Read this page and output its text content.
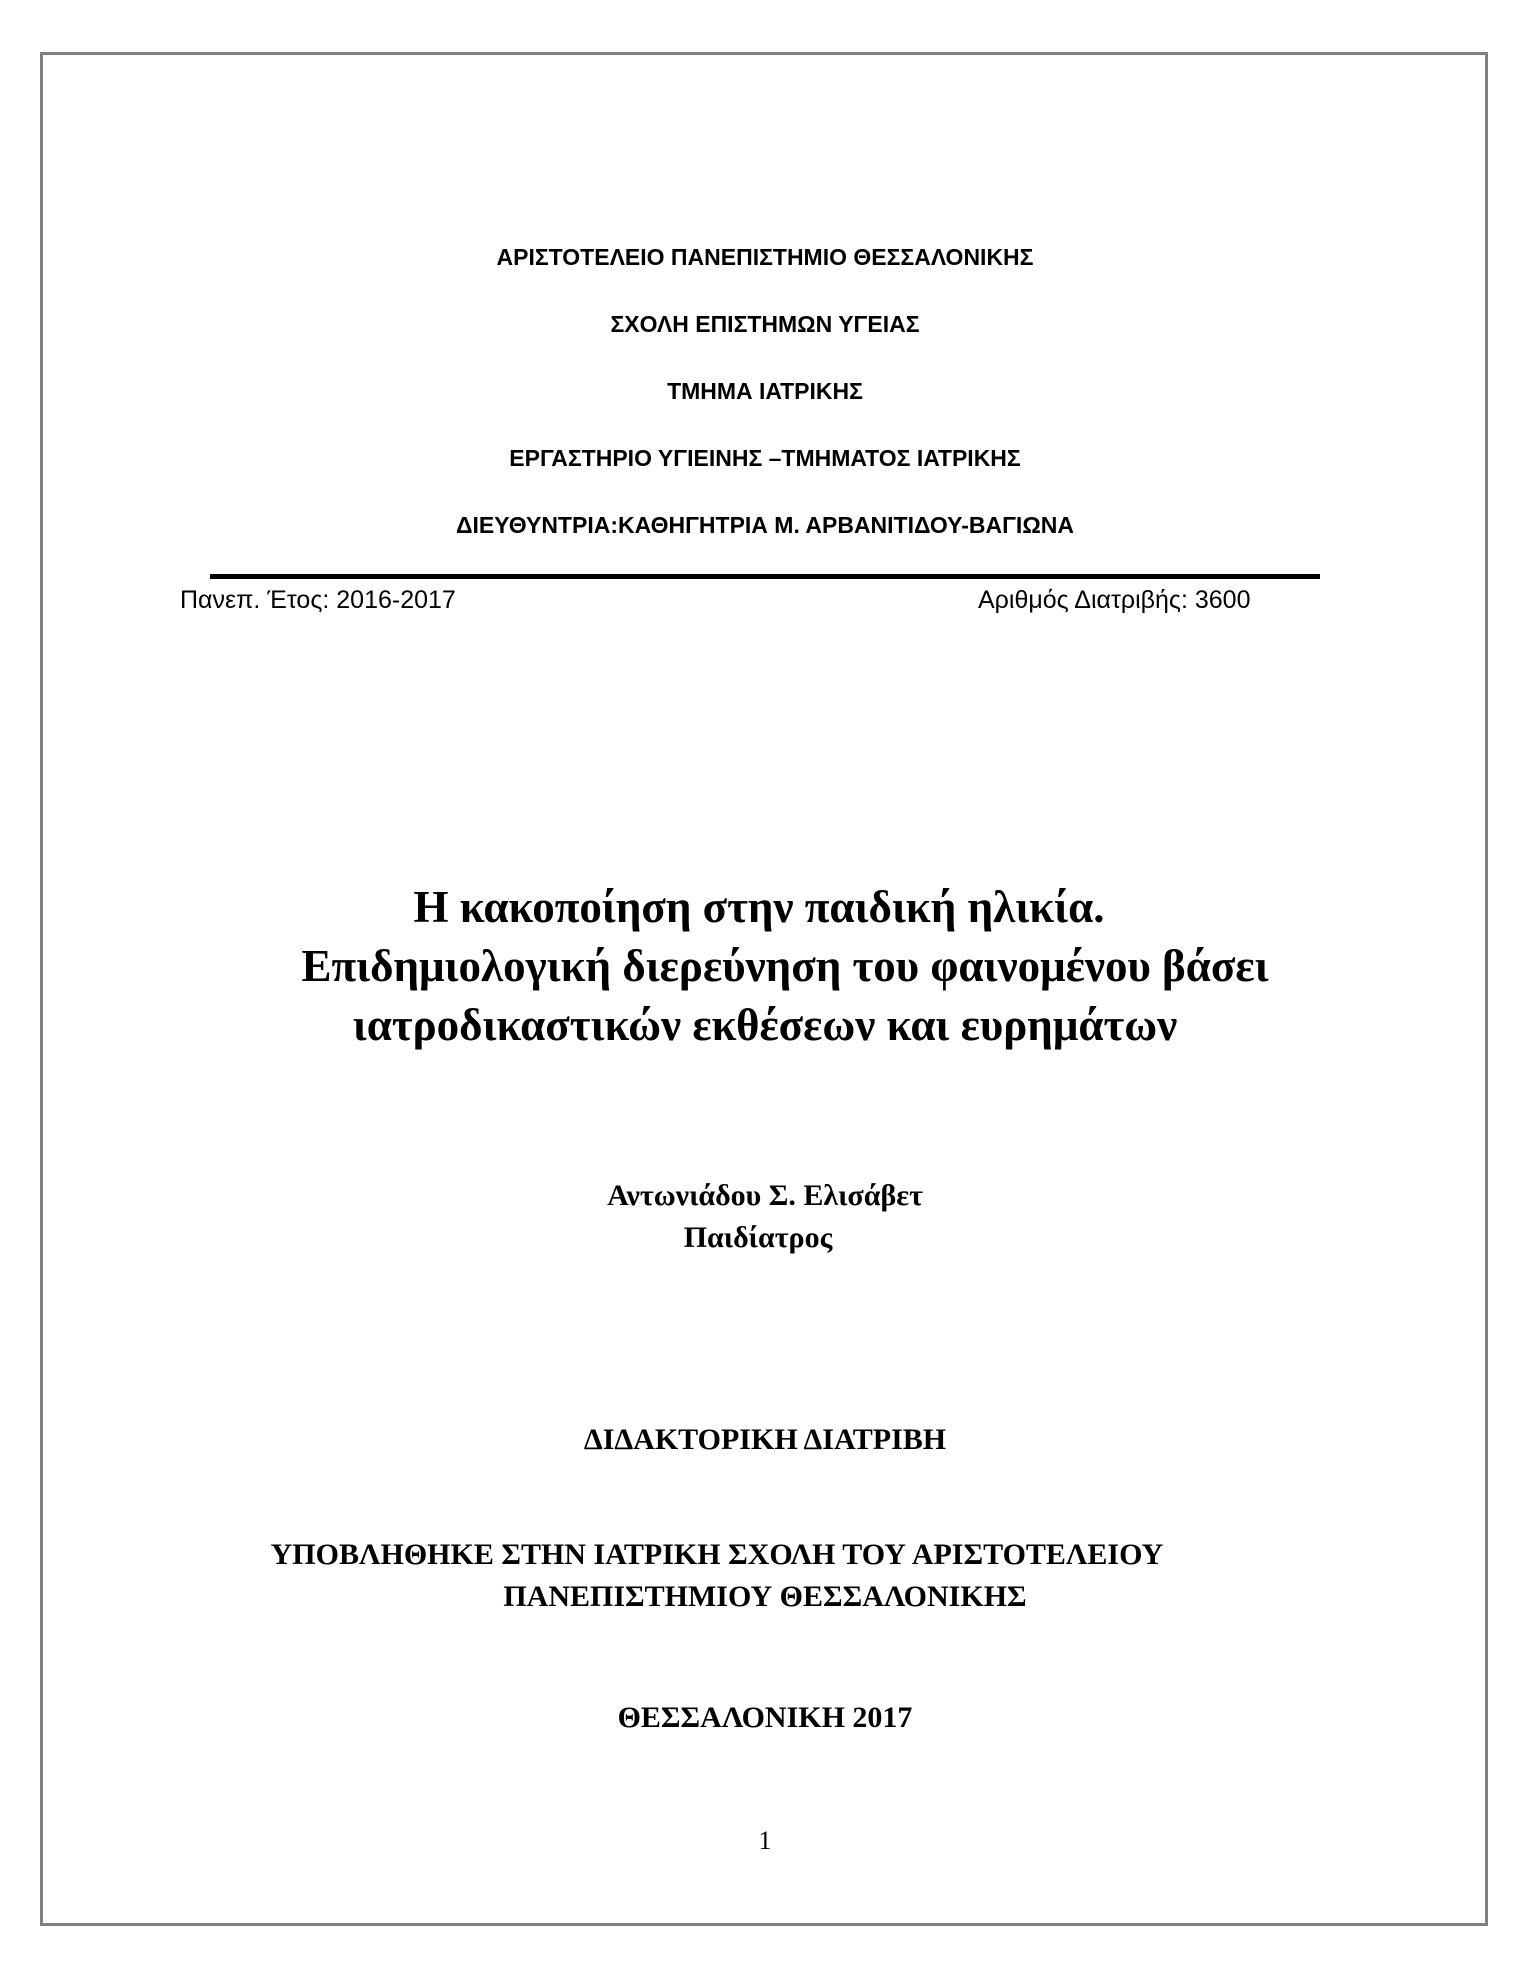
ΑΡΙΣΤΟΤΕΛΕΙΟ ΠΑΝΕΠΙΣΤΗΜΙΟ ΘΕΣΣΑΛΟΝΙΚΗΣ
ΣΧΟΛΗ ΕΠΙΣΤΗΜΩΝ ΥΓΕΙΑΣ
ΤΜΗΜΑ ΙΑΤΡΙΚΗΣ
ΕΡΓΑΣΤΗΡΙΟ ΥΓΙΕΙΝΗΣ –ΤΜΗΜΑΤΟΣ ΙΑΤΡΙΚΗΣ
ΔΙΕΥΘΥΝΤΡΙΑ:ΚΑΘΗΓΗΤΡΙΑ Μ. ΑΡΒΑΝΙΤΙΔΟΥ-ΒΑΓΙΩΝΑ
Πανεπ. Έτος: 2016-2017	Αριθμός Διατριβής: 3600
Η κακοποίηση στην παιδική ηλικία.
Επιδημιολογική διερεύνηση του φαινομένου βάσει
ιατροδικαστικών εκθέσεων και ευρημάτων
Αντωνιάδου Σ. Ελισάβετ
Παιδίατρος
ΔΙΔΑΚΤΟΡΙΚΗ ΔΙΑΤΡΙΒΗ
ΥΠΟΒΛΗΘΗΚΕ ΣΤΗΝ ΙΑΤΡΙΚΗ ΣΧΟΛΗ ΤΟΥ ΑΡΙΣΤΟΤΕΛΕΙΟΥ
ΠΑΝΕΠΙΣΤΗΜΙΟΥ ΘΕΣΣΑΛΟΝΙΚΗΣ
ΘΕΣΣΑΛΟΝΙΚΗ 2017
1
